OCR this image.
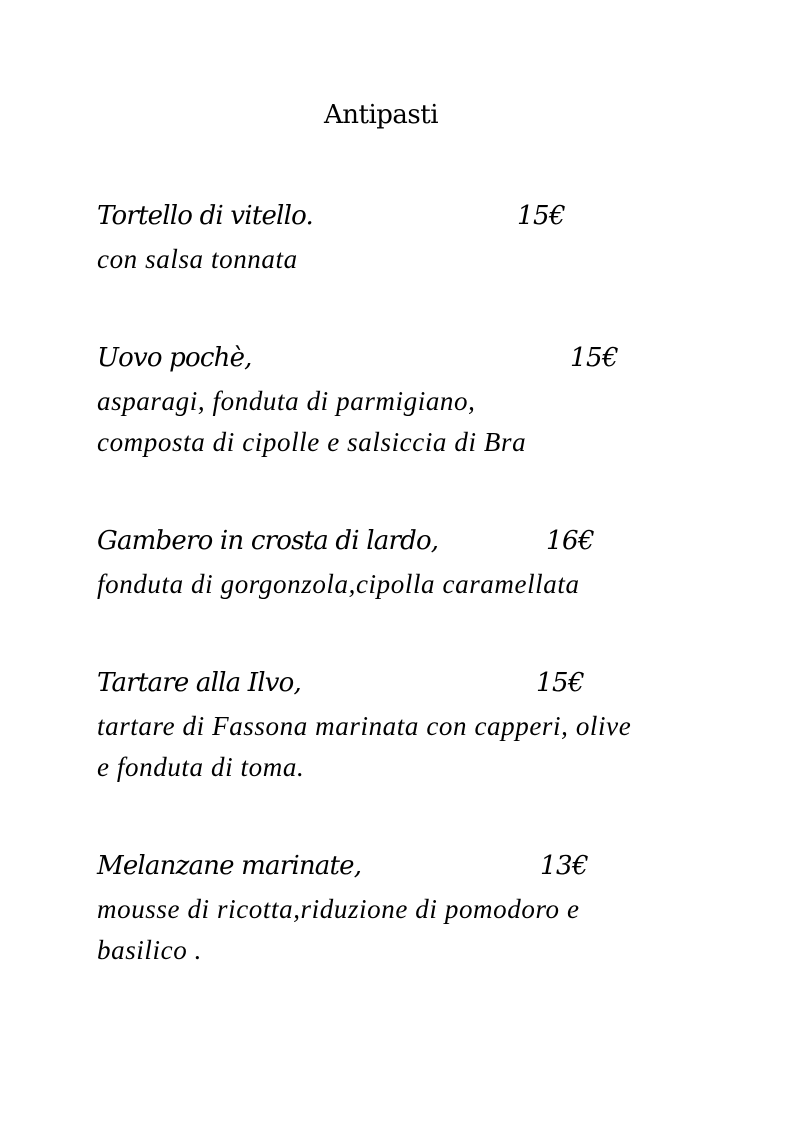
Antipasti
Tortello di vitello.	15€
con salsa tonnata
Uovo pochè,	15€
asparagi, fonduta di parmigiano,
composta di cipolle e salsiccia di Bra
Gambero in crosta di lardo,	16€
fonduta di gorgonzola,cipolla caramellata
Tartare alla Ilvo,	15€
tartare di Fassona marinata con capperi, olive
e fonduta di toma.
Melanzane marinate,	13€
mousse di ricotta,riduzione di pomodoro e
basilico .
